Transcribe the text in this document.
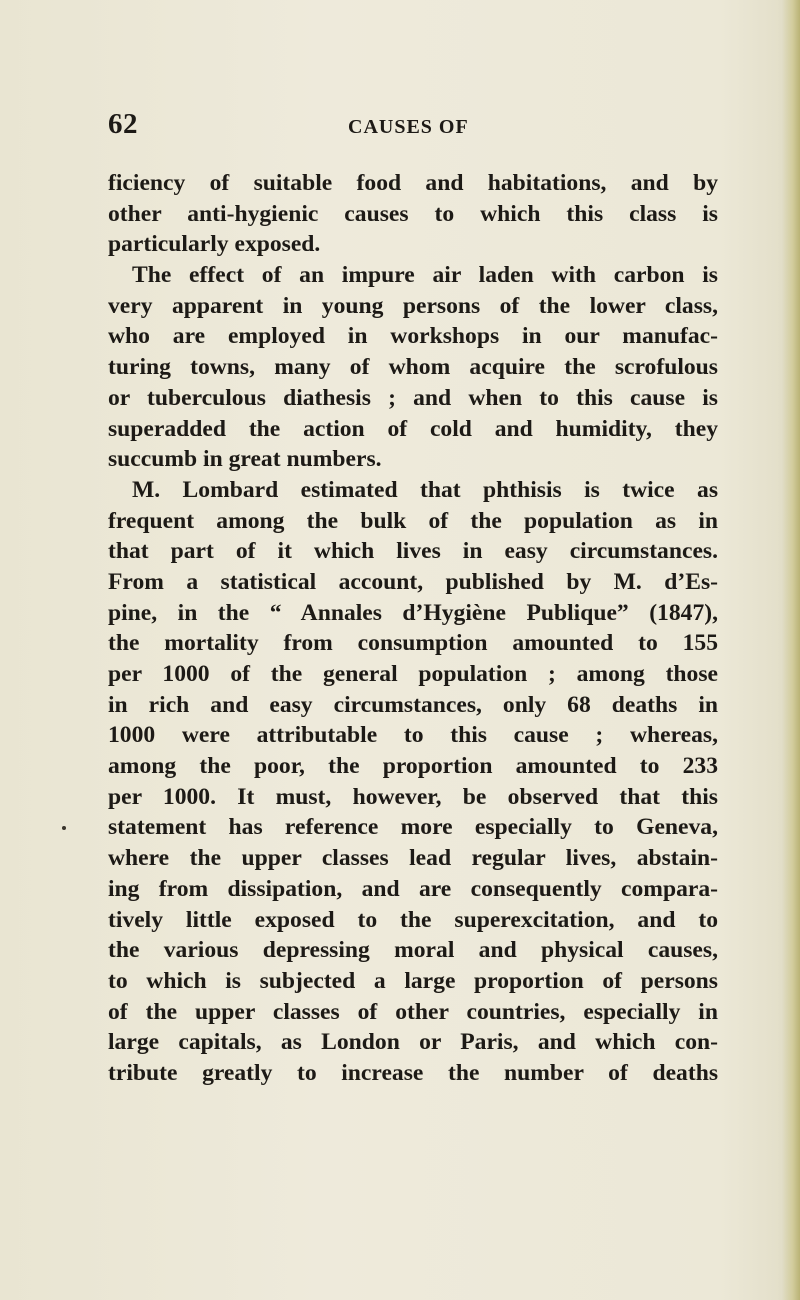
62	CAUSES OF
ficiency of suitable food and habitations, and by
other anti-hygienic causes to which this class is
particularly exposed.
The effect of an impure air laden with carbon is
very apparent in young persons of the lower class,
who are employed in workshops in our manufac-
turing towns, many of whom acquire the scrofulous
or tuberculous diathesis ; and when to this cause is
superadded the action of cold and humidity, they
succumb in great numbers.
M. Lombard estimated that phthisis is twice as
frequent among the bulk of the population as in
that part of it which lives in easy circumstances.
From a statistical account, published by M. d’Es-
pine, in the “ Annales d’Hygiène Publique” (1847),
the mortality from consumption amounted to 155
per 1000 of the general population ; among those
in rich and easy circumstances, only 68 deaths in
1000 were attributable to this cause ; whereas,
among the poor, the proportion amounted to 233
per 1000. It must, however, be observed that this
statement has reference more especially to Geneva,
where the upper classes lead regular lives, abstain-
ing from dissipation, and are consequently compara-
tively little exposed to the superexcitation, and to
the various depressing moral and physical causes,
to which is subjected a large proportion of persons
of the upper classes of other countries, especially in
large capitals, as London or Paris, and which con-
tribute greatly to increase the number of deaths
